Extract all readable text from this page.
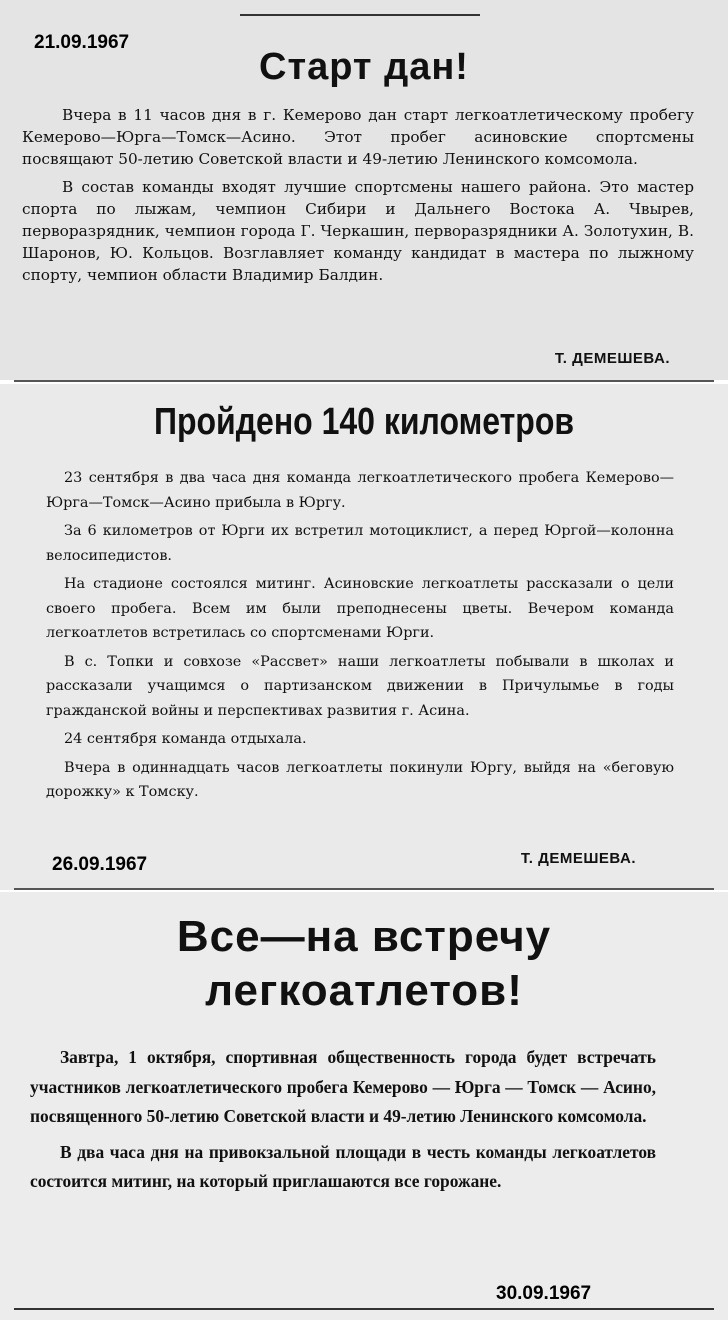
21.09.1967
Старт дан!

Вчера в 11 часов дня в г. Кемерово дан старт легкоатлетическому пробегу Кемерово—Юрга—Томск—Асино. Этот пробег асиновские спортсмены посвящают 50-летию Советской власти и 49-летию Ленинского комсомола.

В состав команды входят лучшие спортсмены нашего района. Это мастер спорта по лыжам, чемпион Сибири и Дальнего Востока А. Чвырев, перворазрядник, чемпион города Г. Черкашин, перворазрядники А. Золотухин, В. Шаронов, Ю. Кольцов. Возглавляет команду кандидат в мастера по лыжному спорту, чемпион области Владимир Балдин.

Т. ДЕМЕШЕВА.
Пройдено 140 километров

23 сентября в два часа дня команда легкоатлетического пробега Кемерово—Юрга—Томск—Асино прибыла в Юргу.

За 6 километров от Юрги их встретил мотоциклист, а перед Юргой—колонна велосипедистов.

На стадионе состоялся митинг. Асиновские легкоатлеты рассказали о цели своего пробега. Всем им были преподнесены цветы. Вечером команда легкоатлетов встретилась со спортсменами Юрги.

В с. Топки и совхозе «Рассвет» наши легкоатлеты побывали в школах и рассказали учащимся о партизанском движении в Причулымье в годы гражданской войны и перспективах развития г. Асина.

24 сентября команда отдыхала.

Вчера в одиннадцать часов легкоатлеты покинули Юргу, выйдя на «беговую дорожку» к Томску.

26.09.1967	Т. ДЕМЕШЕВА.
Все—на встречу
легкоатлетов!

Завтра, 1 октября, спортивная общественность города будет встречать участников легкоатлетического пробега Кемерово — Юрга — Томск — Асино, посвященного 50-летию Советской власти и 49-летию Ленинского комсомола.

В два часа дня на привокзальной площади в честь команды легкоатлетов состоится митинг, на который приглашаются все горожане.

30.09.1967
